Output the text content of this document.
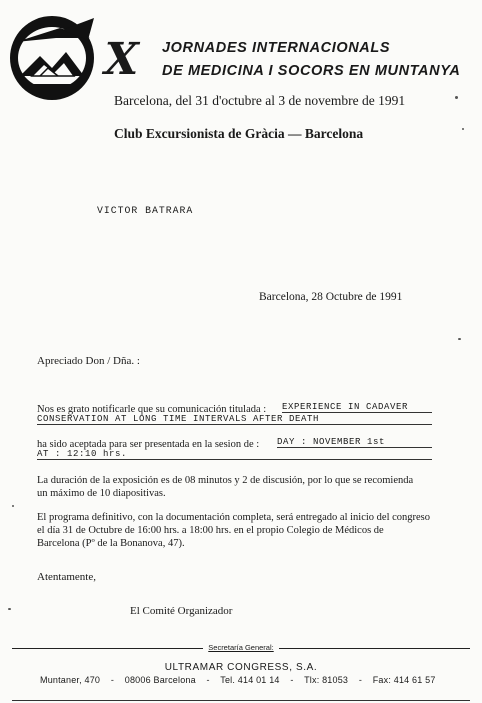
X JORNADES INTERNACIONALS
DE MEDICINA I SOCORS EN MUNTANYA
Barcelona, del 31 d'octubre al 3 de novembre de 1991
Club Excursionista de Gràcia — Barcelona
VICTOR BATRARA
Barcelona, 28 Octubre de 1991
Apreciado Don / Dña. :
Nos es grato notificarle que su comunicación titulada : EXPERIENCE IN CADAVER
CONSERVATION AT LONG TIME INTERVALS AFTER DEATH
ha sido aceptada para ser presentada en la sesion de : DAY : NOVEMBER 1st
AT : 12:10 hrs.
La duración de la exposición es de 08 minutos y 2 de discusión, por lo que se recomienda
un máximo de 10 diapositivas.
El programa definitivo, con la documentación completa, será entregado al inicio del congreso
el día 31 de Octubre de 16:00 hrs. a 18:00 hrs. en el propio Colegio de Médicos de
Barcelona (Pº de la Bonanova, 47).
Atentamente,
El Comité Organizador
Secretaría General:
ULTRAMAR CONGRESS, S.A.
Muntaner, 470 - 08006 Barcelona - Tel. 414 01 14 - Tlx: 81053 - Fax: 414 61 57
